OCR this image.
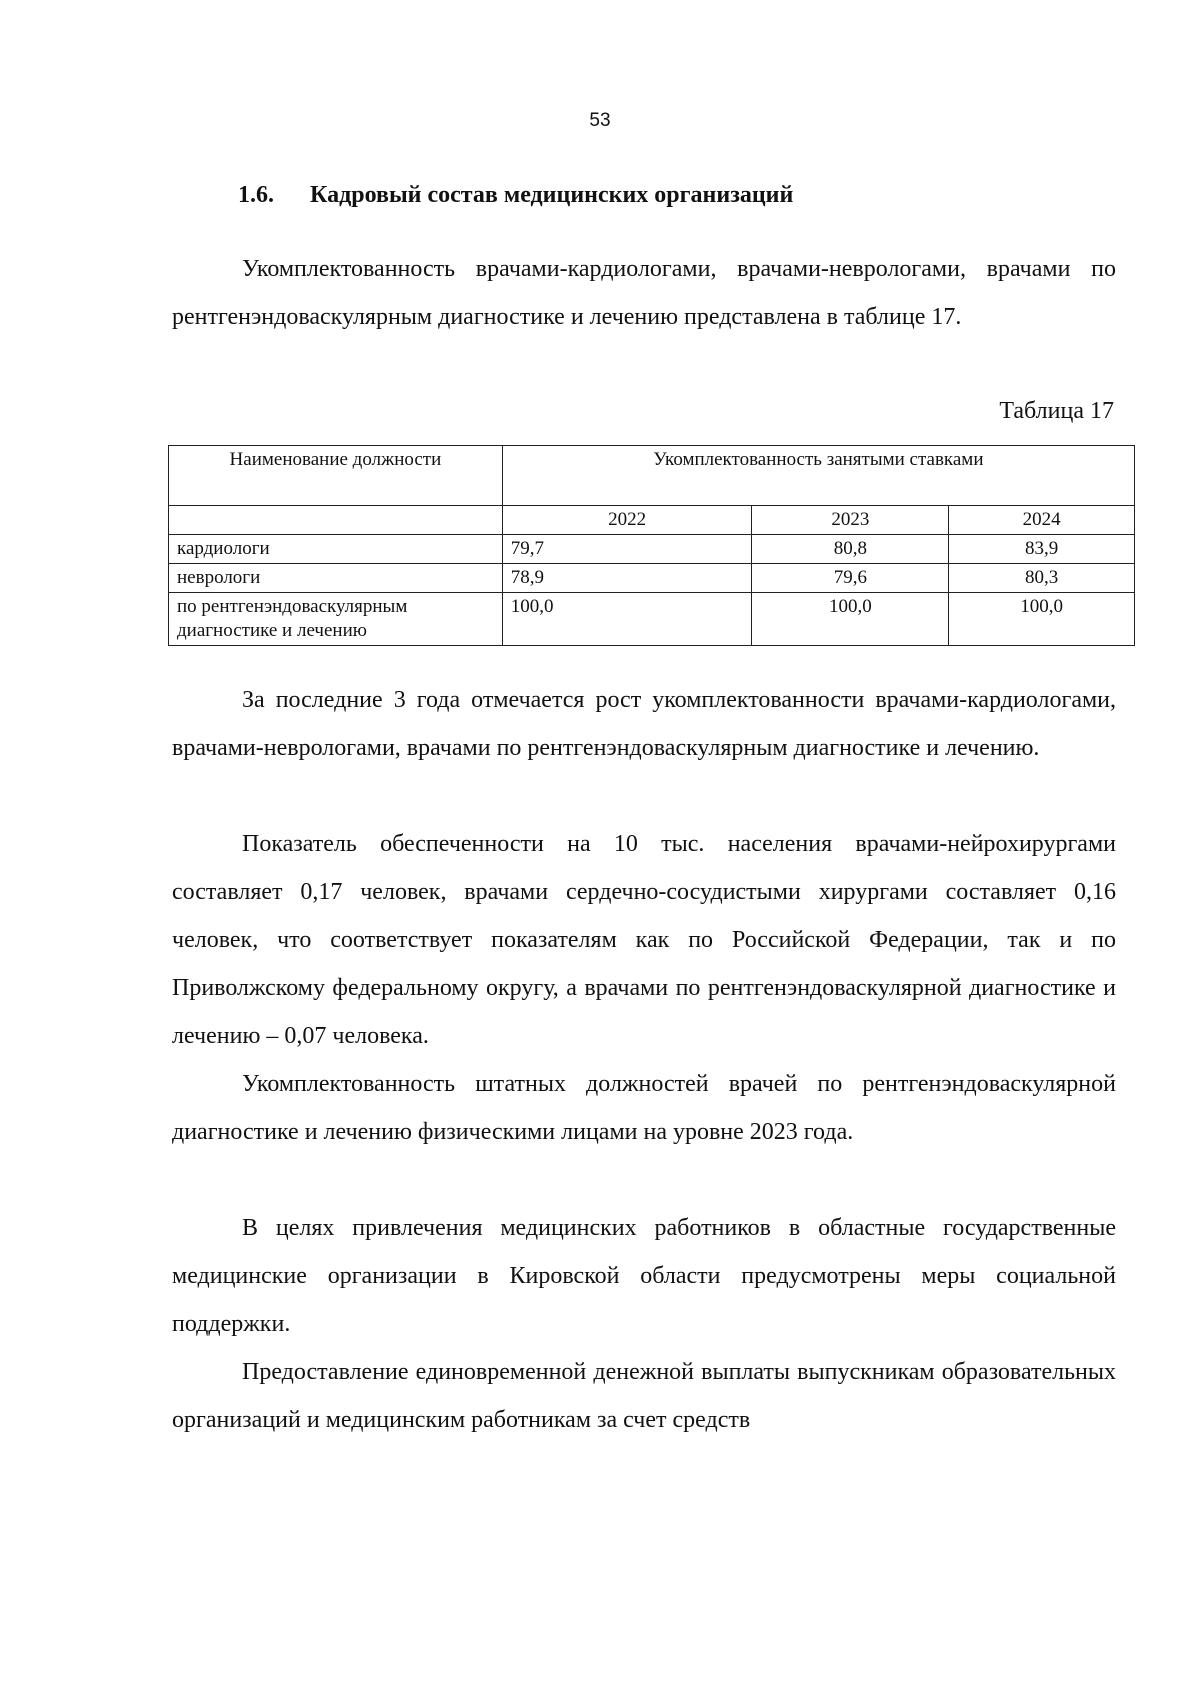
53
1.6. Кадровый состав медицинских организаций
Укомплектованность врачами-кардиологами, врачами-неврологами, врачами по рентгенэндоваскулярным диагностике и лечению представлена в таблице 17.
Таблица 17
Наименование должности	Укомплектованность занятыми ставками		
	2022	2023	2024
кардиологи	79,7	80,8	83,9
неврологи	78,9	79,6	80,3
по рентгенэндоваскулярным диагностике и лечению	100,0	100,0	100,0
За последние 3 года отмечается рост укомплектованности врачами-кардиологами, врачами-неврологами, врачами по рентгенэндоваскулярным диагностике и лечению.
Показатель обеспеченности на 10 тыс. населения врачами-нейрохирургами составляет 0,17 человек, врачами сердечно-сосудистыми хирургами составляет 0,16 человек, что соответствует показателям как по Российской Федерации, так и по Приволжскому федеральному округу, а врачами по рентгенэндоваскулярной диагностике и лечению – 0,07 человека.
Укомплектованность штатных должностей врачей по рентгенэндоваскулярной диагностике и лечению физическими лицами на уровне 2023 года.
В целях привлечения медицинских работников в областные государственные медицинские организации в Кировской области предусмотрены меры социальной поддержки.
Предоставление единовременной денежной выплаты выпускникам образовательных организаций и медицинским работникам за счет средств
